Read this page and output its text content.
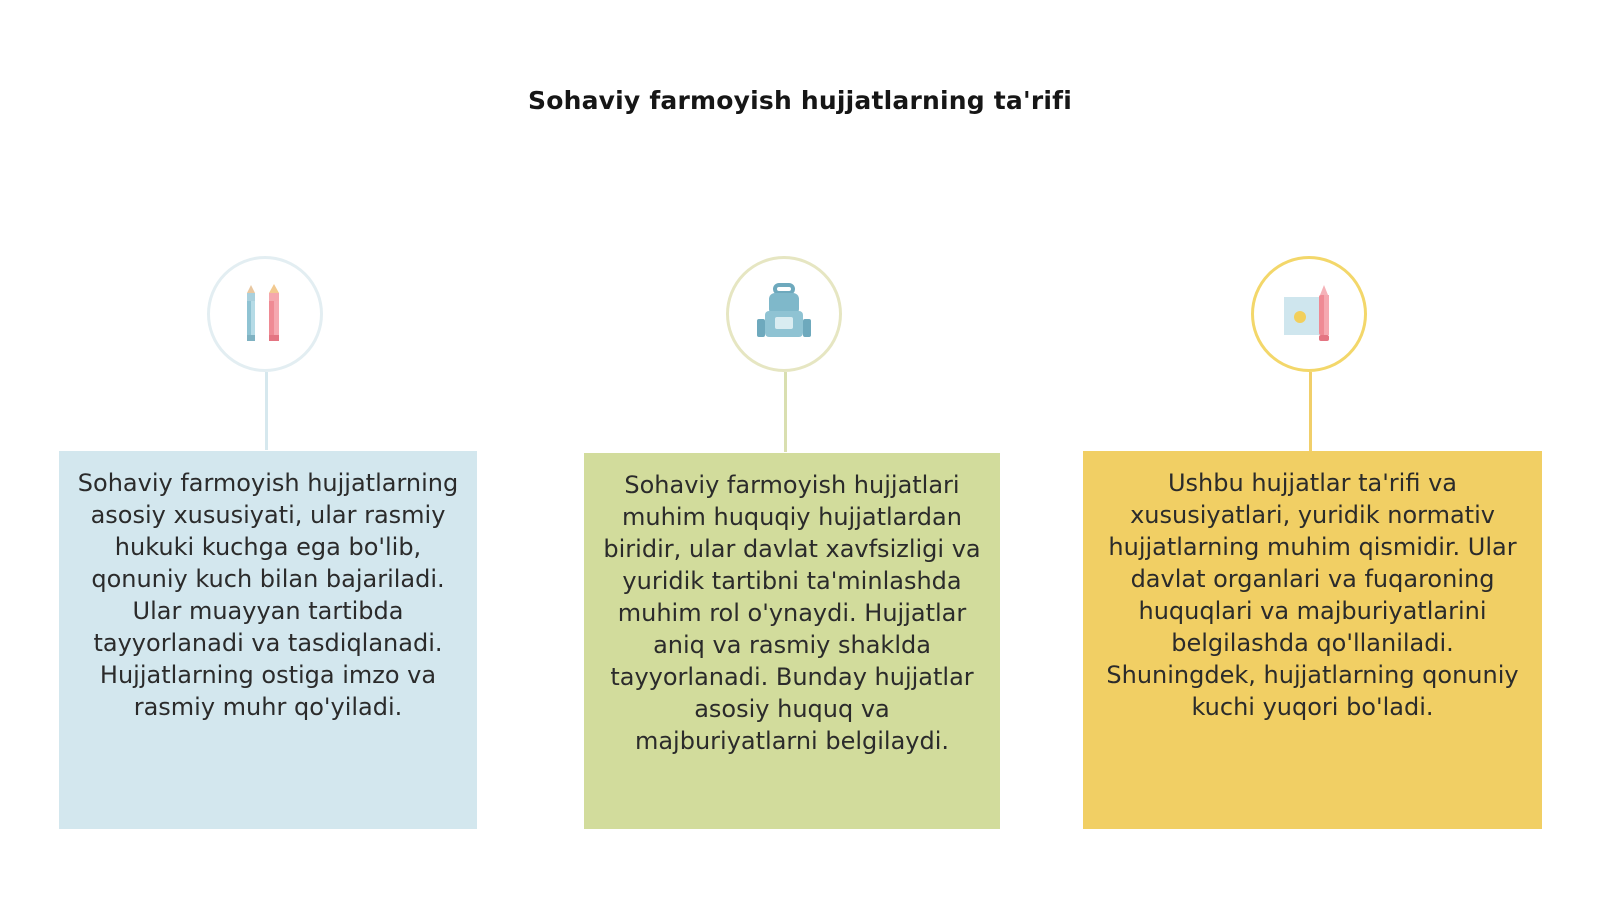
Sohaviy farmoyish hujjatlarning ta'rifi

Sohaviy farmoyish hujjatlarning asosiy xususiyati, ular rasmiy hukuki kuchga ega bo'lib, qonuniy kuch bilan bajariladi. Ular muayyan tartibda tayyorlanadi va tasdiqlanadi. Hujjatlarning ostiga imzo va rasmiy muhr qo'yiladi.

Sohaviy farmoyish hujjatlari muhim huquqiy hujjatlardan biridir, ular davlat xavfsizligi va yuridik tartibni ta'minlashda muhim rol o'ynaydi. Hujjatlar aniq va rasmiy shaklda tayyorlanadi. Bunday hujjatlar asosiy huquq va majburiyatlarni belgilaydi.

Ushbu hujjatlar ta'rifi va xususiyatlari, yuridik normativ hujjatlarning muhim qismidir. Ular davlat organlari va fuqaroning huquqlari va majburiyatlarini belgilashda qo'llaniladi. Shuningdek, hujjatlarning qonuniy kuchi yuqori bo'ladi.
